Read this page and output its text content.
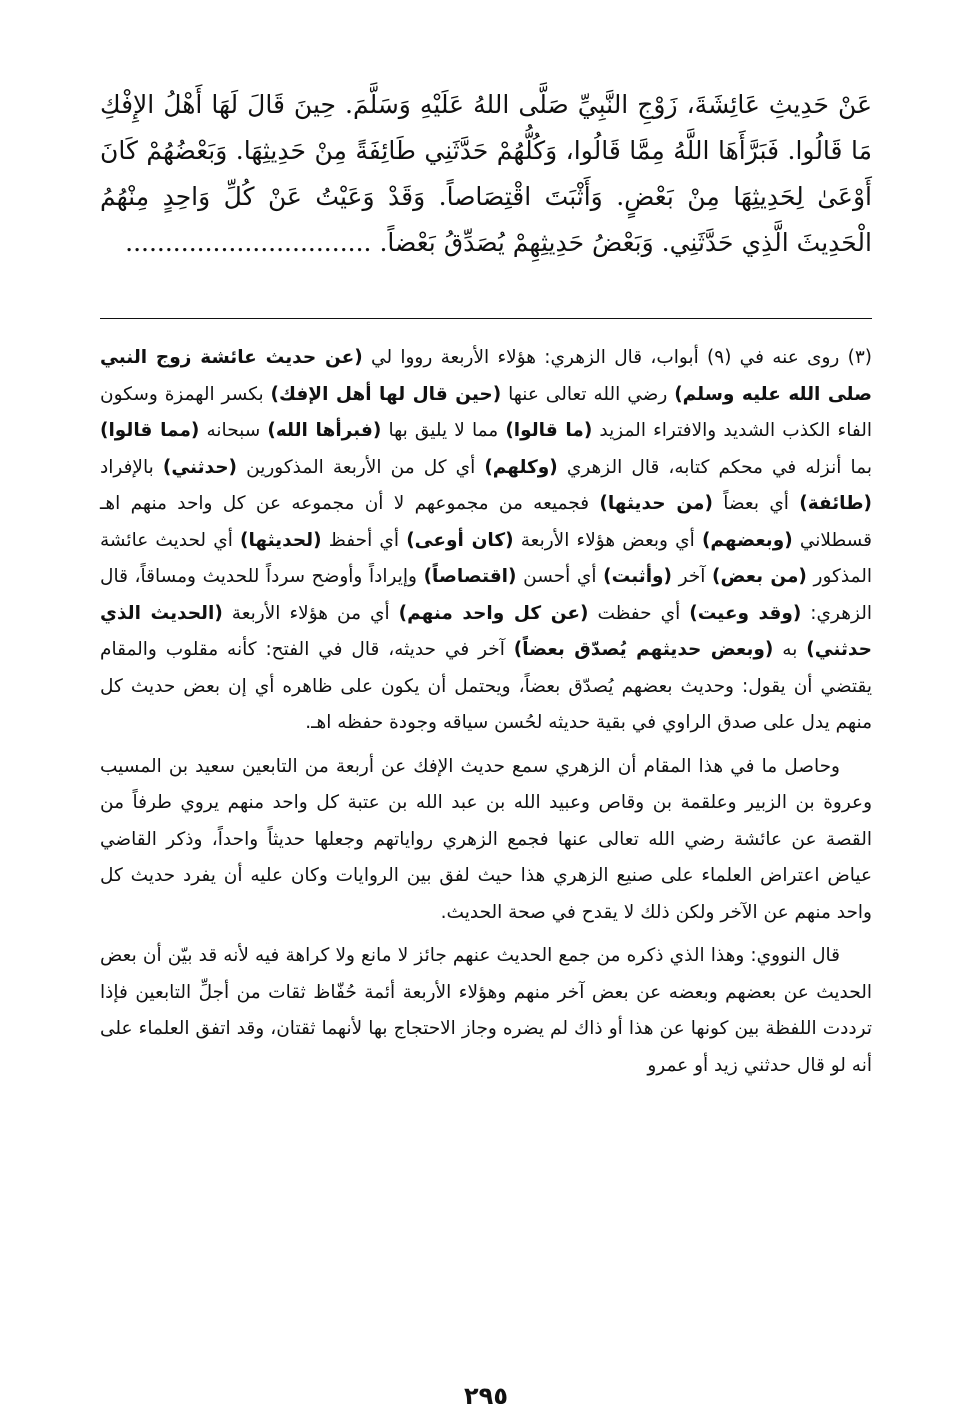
عَنْ حَدِيثِ عَائِشَةَ، زَوْجِ النَّبِيِّ صَلَّى اللهُ عَلَيْهِ وَسَلَّمَ. حِينَ قَالَ لَهَا أَهْلُ الإِفْكِ مَا قَالُوا. فَبَرَّأَهَا اللَّهُ مِمَّا قَالُوا، وَكُلُّهُمْ حَدَّثَنِي طَائِفَةً مِنْ حَدِيثِهَا. وَبَعْضُهُمْ كَانَ أَوْعَىٰ لِحَدِيثِهَا مِنْ بَعْضٍ. وَأَثْبَتَ اقْتِصَاصاً. وَقَدْ وَعَيْتُ عَنْ كُلِّ وَاحِدٍ مِنْهُمُ الْحَدِيثَ الَّذِي حَدَّثَنِي. وَبَعْضُ حَدِيثِهِمْ يُصَدِّقُ بَعْضاً................................

(٣) روى عنه في (٩) أبواب، قال الزهري: هؤلاء الأربعة رووا لي (عن حديث عائشة زوج النبي صلى الله عليه وسلم) رضي الله تعالى عنها (حين قال لها أهل الإفك) بكسر الهمزة وسكون الفاء الكذب الشديد والافتراء المزيد (ما قالوا) مما لا يليق بها (فبرأها الله) سبحانه (مما قالوا) بما أنزله في محكم كتابه، قال الزهري (وكلهم) أي كل من الأربعة المذكورين (حدثني) بالإفراد (طائفة) أي بعضاً (من حديثها) فجميعه من مجموعهم لا أن مجموعه عن كل واحد منهم اهـ قسطلاني (وبعضهم) أي وبعض هؤلاء الأربعة (كان أوعى) أي أحفظ (لحديثها) أي لحديث عائشة المذكور (من بعض) آخر (وأثبت) أي أحسن (اقتصاصاً) وإيراداً وأوضح سرداً للحديث ومساقاً، قال الزهري: (وقد وعيت) أي حفظت (عن كل واحد منهم) أي من هؤلاء الأربعة (الحديث الذي حدثني) به (وبعض حديثهم يُصدّق بعضاً) آخر في حديثه، قال في الفتح: كأنه مقلوب والمقام يقتضي أن يقول: وحديث بعضهم يُصدّق بعضاً، ويحتمل أن يكون على ظاهره أي إن بعض حديث كل منهم يدل على صدق الراوي في بقية حديثه لحُسن سياقه وجودة حفظه اهـ.

وحاصل ما في هذا المقام أن الزهري سمع حديث الإفك عن أربعة من التابعين سعيد بن المسيب وعروة بن الزبير وعلقمة بن وقاص وعبيد الله بن عبد الله بن عتبة كل واحد منهم يروي طرفاً من القصة عن عائشة رضي الله تعالى عنها فجمع الزهري رواياتهم وجعلها حديثاً واحداً، وذكر القاضي عياض اعتراض العلماء على صنيع الزهري هذا حيث لفق بين الروايات وكان عليه أن يفرد حديث كل واحد منهم عن الآخر ولكن ذلك لا يقدح في صحة الحديث.

قال النووي: وهذا الذي ذكره من جمع الحديث عنهم جائز لا مانع ولا كراهة فيه لأنه قد بيّن أن بعض الحديث عن بعضهم وبعضه عن بعض آخر منهم وهؤلاء الأربعة أئمة حُفّاظ ثقات من أجلِّ التابعين فإذا ترددت اللفظة بين كونها عن هذا أو ذاك لم يضره وجاز الاحتجاج بها لأنهما ثقتان، وقد اتفق العلماء على أنه لو قال حدثني زيد أو عمرو

٢٩٥
